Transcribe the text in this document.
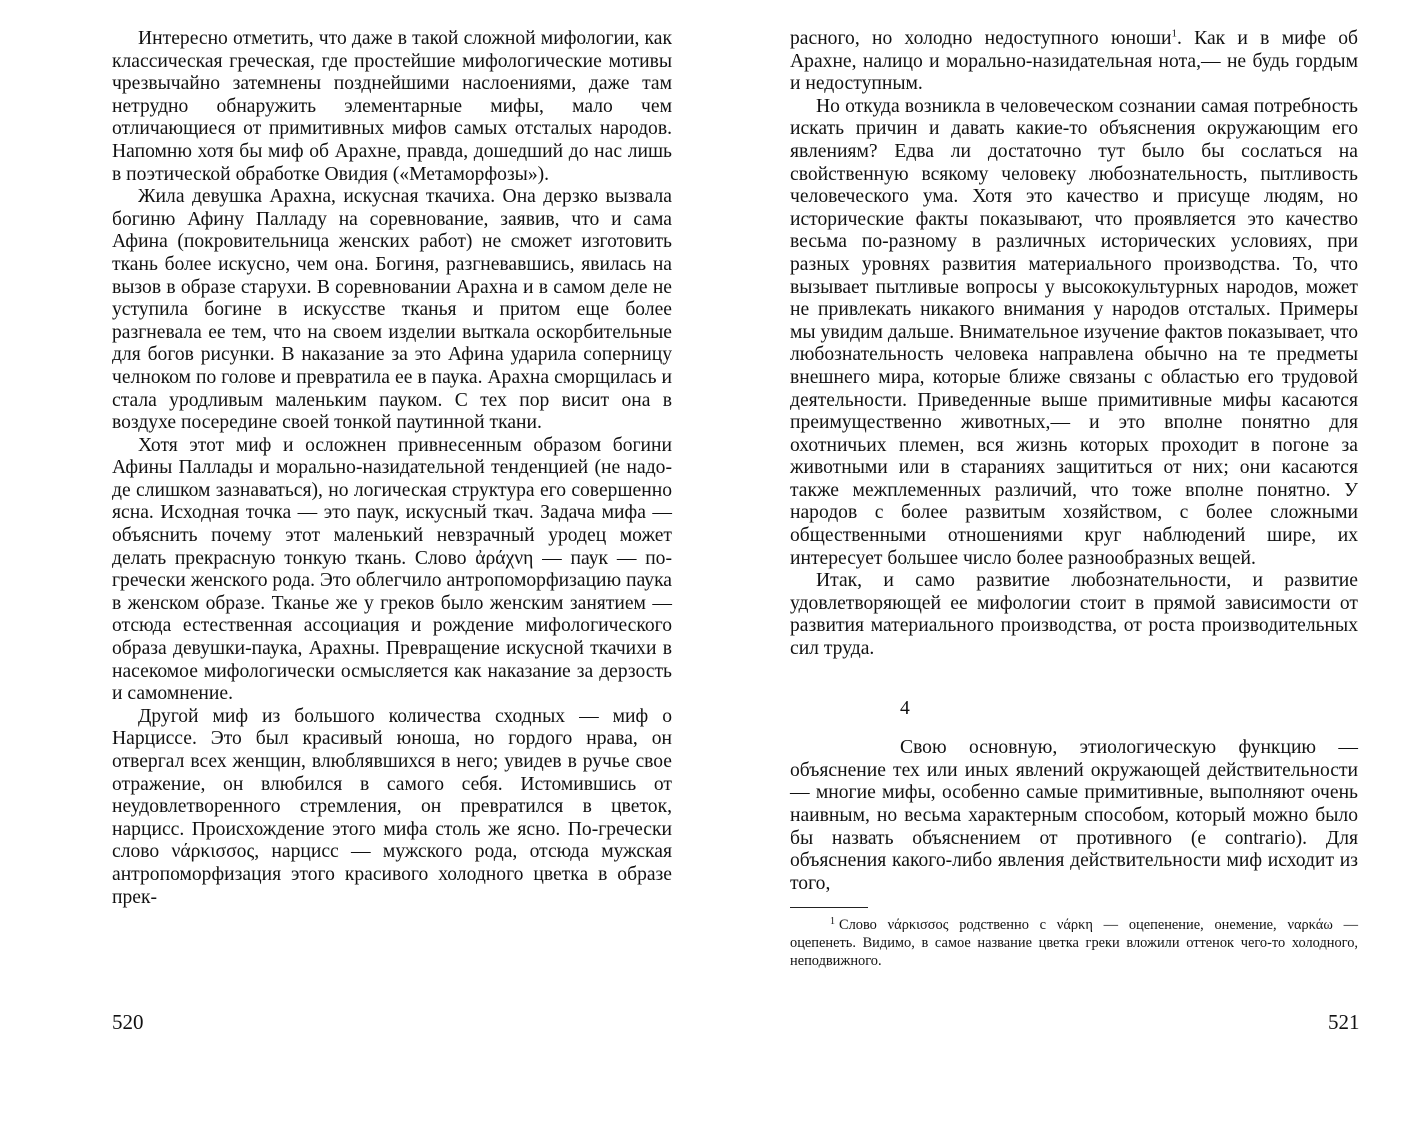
Интересно отметить, что даже в такой сложной мифологии, как классическая греческая, где простейшие мифологические мотивы чрезвычайно затемнены позднейшими наслоениями, даже там нетрудно обнаружить элементарные мифы, мало чем отличающиеся от примитивных мифов самых отсталых народов. Напомню хотя бы миф об Арахне, правда, дошедший до нас лишь в поэтической обработке Овидия («Метаморфозы»).

Жила девушка Арахна, искусная ткачиха. Она дерзко вызвала богиню Афину Палладу на соревнование, заявив, что и сама Афина (покровительница женских работ) не сможет изготовить ткань более искусно, чем она. Богиня, разгневавшись, явилась на вызов в образе старухи. В соревновании Арахна и в самом деле не уступила богине в искусстве тканья и притом еще более разгневала ее тем, что на своем изделии выткала оскорбительные для богов рисунки. В наказание за это Афина ударила соперницу челноком по голове и превратила ее в паука. Арахна сморщилась и стала уродливым маленьким пауком. С тех пор висит она в воздухе посередине своей тонкой паутинной ткани.

Хотя этот миф и осложнен привнесенным образом богини Афины Паллады и морально-назидательной тенденцией (не надо-де слишком зазнаваться), но логическая структура его совершенно ясна. Исходная точка — это паук, искусный ткач. Задача мифа — объяснить почему этот маленький невзрачный уродец может делать прекрасную тонкую ткань. Слово ἀράχνη — паук — по-гречески женского рода. Это облегчило антропоморфизацию паука в женском образе. Тканье же у греков было женским занятием — отсюда естественная ассоциация и рождение мифологического образа девушки-паука, Арахны. Превращение искусной ткачихи в насекомое мифологически осмысляется как наказание за дерзость и самомнение.

Другой миф из большого количества сходных — миф о Нарциссе. Это был красивый юноша, но гордого нрава, он отвергал всех женщин, влюблявшихся в него; увидев в ручье свое отражение, он влюбился в самого себя. Истомившись от неудовлетворенного стремления, он превратился в цветок, нарцисс. Происхождение этого мифа столь же ясно. По-гречески слово νάρκισσος, нарцисс — мужского рода, отсюда мужская антропоморфизация этого красивого холодного цветка в образе прек-

520

расного, но холодно недоступного юноши$^1$. Как и в мифе об Арахне, налицо и морально-назидательная нота,— не будь гордым и недоступным.

Но откуда возникла в человеческом сознании самая потребность искать причин и давать какие-то объяснения окружающим его явлениям? Едва ли достаточно тут было бы сослаться на свойственную всякому человеку любознательность, пытливость человеческого ума. Хотя это качество и присуще людям, но исторические факты показывают, что проявляется это качество весьма по-разному в различных исторических условиях, при разных уровнях развития материального производства. То, что вызывает пытливые вопросы у высококультурных народов, может не привлекать никакого внимания у народов отсталых. Примеры мы увидим дальше. Внимательное изучение фактов показывает, что любознательность человека направлена обычно на те предметы внешнего мира, которые ближе связаны с областью его трудовой деятельности. Приведенные выше примитивные мифы касаются преимущественно животных,— и это вполне понятно для охотничьих племен, вся жизнь которых проходит в погоне за животными или в стараниях защититься от них; они касаются также межплеменных различий, что тоже вполне понятно. У народов с более развитым хозяйством, с более сложными общественными отношениями круг наблюдений шире, их интересует большее число более разнообразных вещей.

Итак, и само развитие любознательности, и развитие удовлетворяющей ее мифологии стоит в прямой зависимости от развития материального производства, от роста производительных сил труда.

4

Свою основную, этиологическую функцию — объяснение тех или иных явлений окружающей действительности — многие мифы, особенно самые примитивные, выполняют очень наивным, но весьма характерным способом, который можно было бы назвать объяснением от противного (e contrario). Для объяснения какого-либо явления действительности миф исходит из того,

$^1$ Слово νάρκισσος родственно с νάρκη — оцепенение, онемение, ναρκάω — оцепенеть. Видимо, в самое название цветка греки вложили оттенок чего-то холодного, неподвижного.

521
